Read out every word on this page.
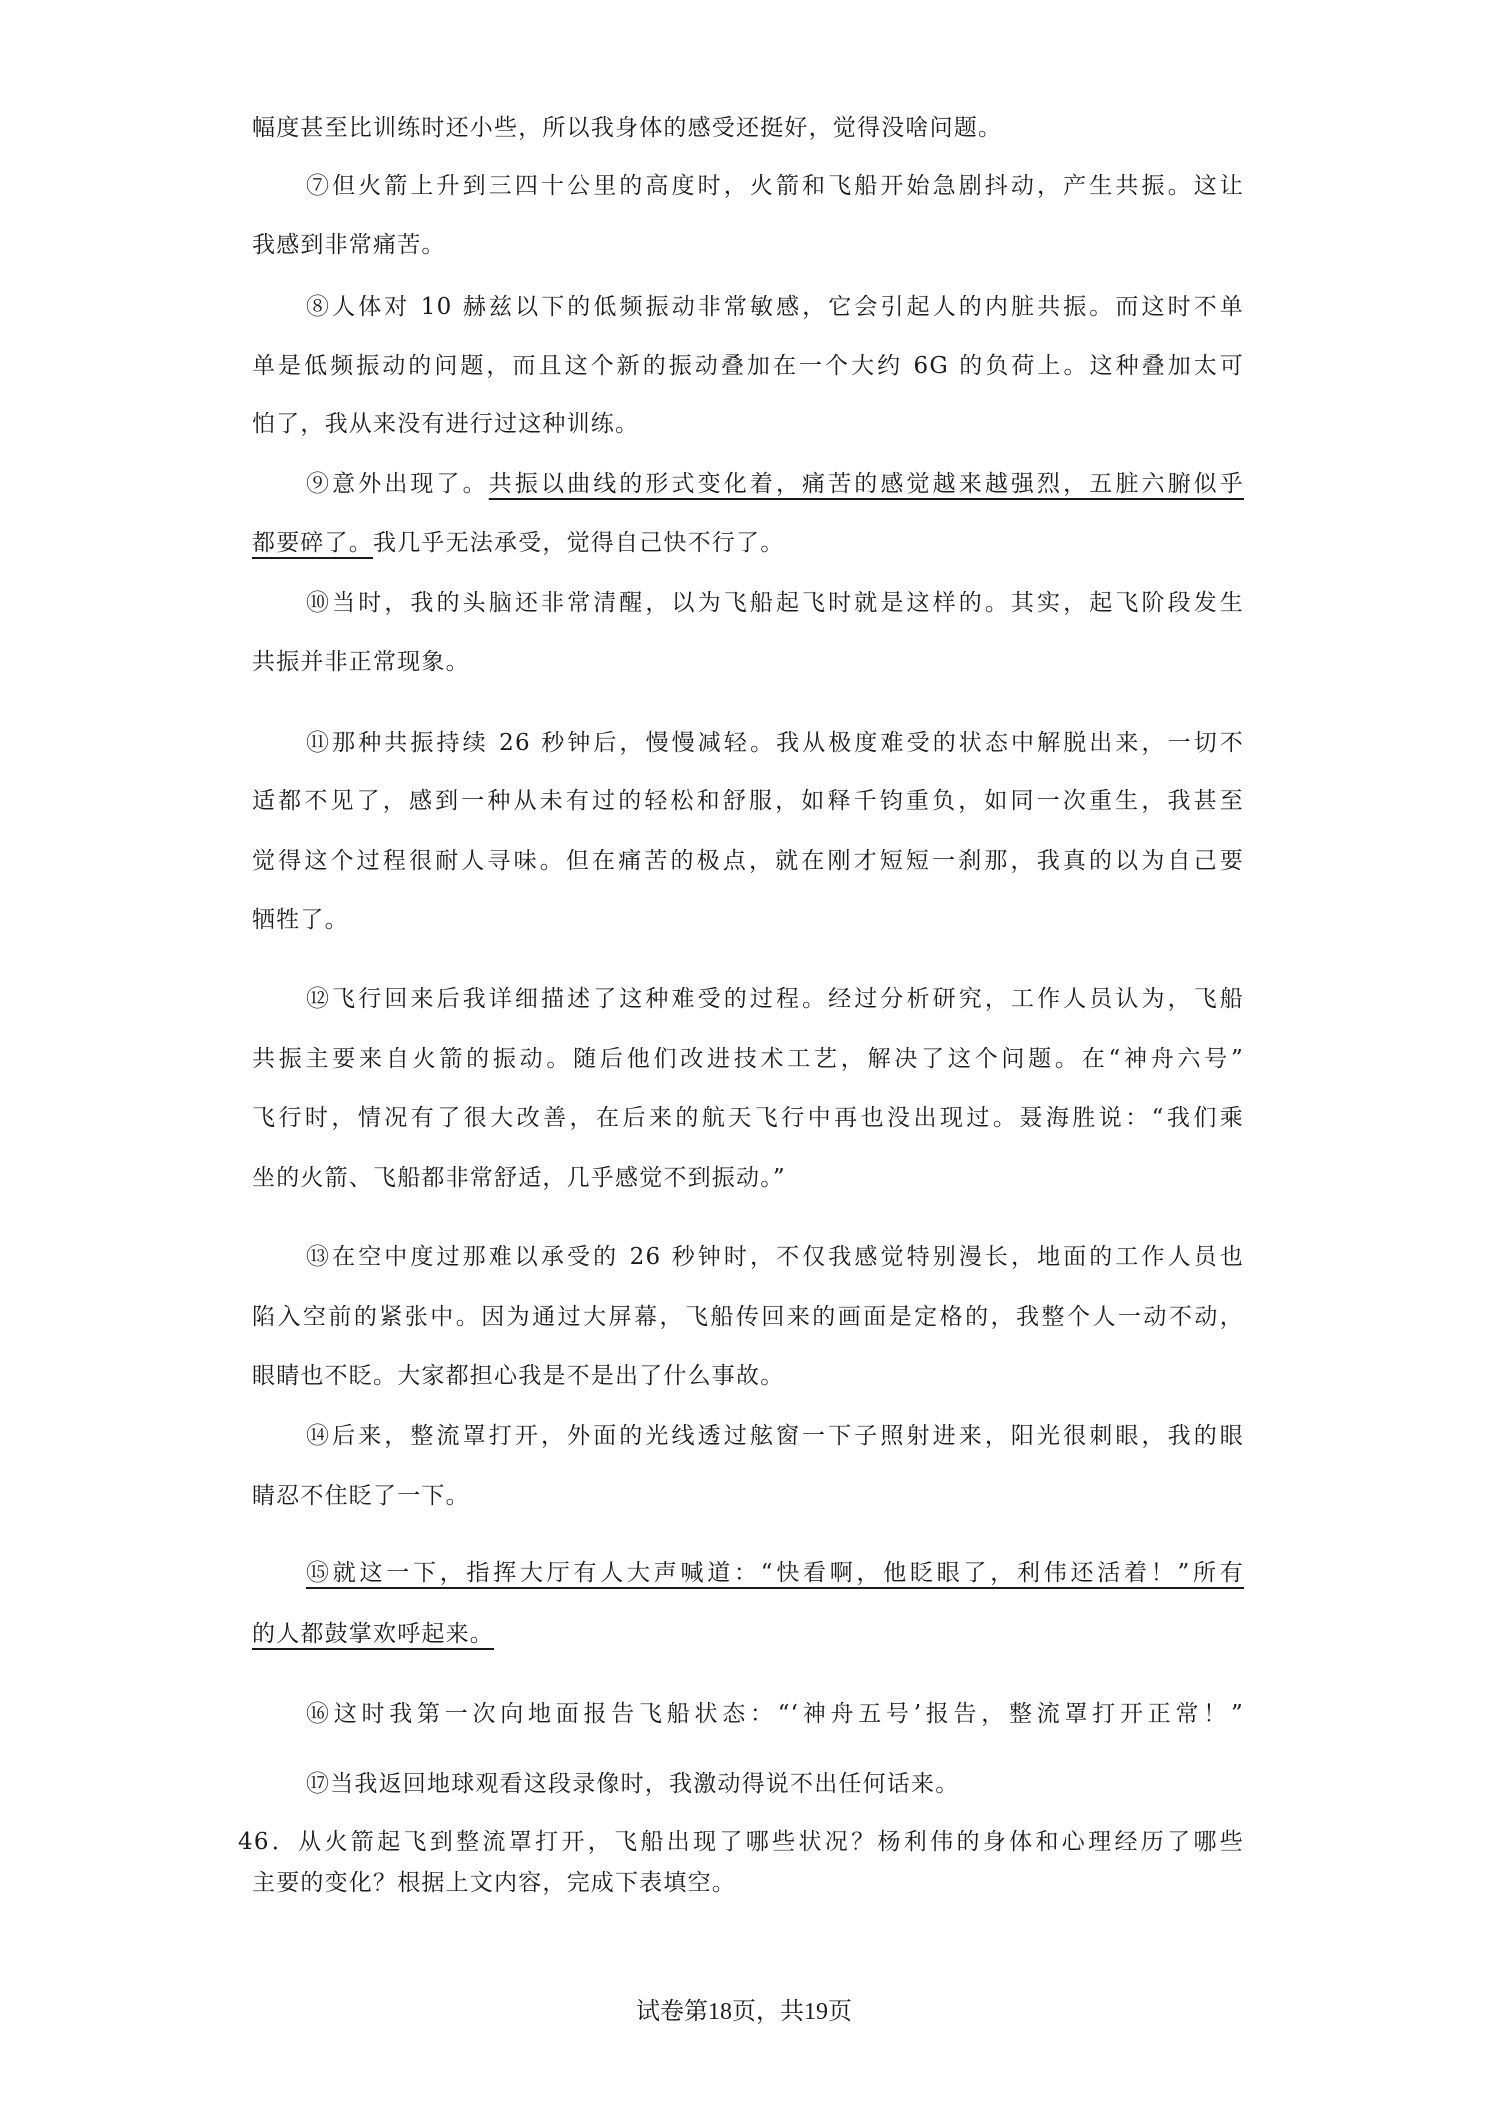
幅度甚至比训练时还小些，所以我身体的感受还挺好，觉得没啥问题。
⑦但火箭上升到三四十公里的高度时，火箭和飞船开始急剧抖动，产生共振。这让
我感到非常痛苦。
⑧人体对 10 赫兹以下的低频振动非常敏感，它会引起人的内脏共振。而这时不单
单是低频振动的问题，而且这个新的振动叠加在一个大约 6G 的负荷上。这种叠加太可
怕了，我从来没有进行过这种训练。
⑨意外出现了。共振以曲线的形式变化着，痛苦的感觉越来越强烈，五脏六腑似乎
都要碎了。我几乎无法承受，觉得自己快不行了。
⑩当时，我的头脑还非常清醒，以为飞船起飞时就是这样的。其实，起飞阶段发生
共振并非正常现象。
⑪那种共振持续 26 秒钟后，慢慢减轻。我从极度难受的状态中解脱出来，一切不
适都不见了，感到一种从未有过的轻松和舒服，如释千钧重负，如同一次重生，我甚至
觉得这个过程很耐人寻味。但在痛苦的极点，就在刚才短短一刹那，我真的以为自己要
牺牲了。
⑫飞行回来后我详细描述了这种难受的过程。经过分析研究，工作人员认为，飞船
共振主要来自火箭的振动。随后他们改进技术工艺，解决了这个问题。在“神舟六号”
飞行时，情况有了很大改善，在后来的航天飞行中再也没出现过。聂海胜说：“我们乘
坐的火箭、飞船都非常舒适，几乎感觉不到振动。”
⑬在空中度过那难以承受的 26 秒钟时，不仅我感觉特别漫长，地面的工作人员也
陷入空前的紧张中。因为通过大屏幕，飞船传回来的画面是定格的，我整个人一动不动，
眼睛也不眨。大家都担心我是不是出了什么事故。
⑭后来，整流罩打开，外面的光线透过舷窗一下子照射进来，阳光很刺眼，我的眼
睛忍不住眨了一下。
⑮就这一下，指挥大厅有人大声喊道：“快看啊，他眨眼了，利伟还活着！”所有
的人都鼓掌欢呼起来。
⑯这时我第一次向地面报告飞船状态：“‘神舟五号’报告，整流罩打开正常！”
⑰当我返回地球观看这段录像时，我激动得说不出任何话来。
46．从火箭起飞到整流罩打开，飞船出现了哪些状况？杨利伟的身体和心理经历了哪些
试卷第18页，共19页
主要的变化？根据上文内容，完成下表填空。
